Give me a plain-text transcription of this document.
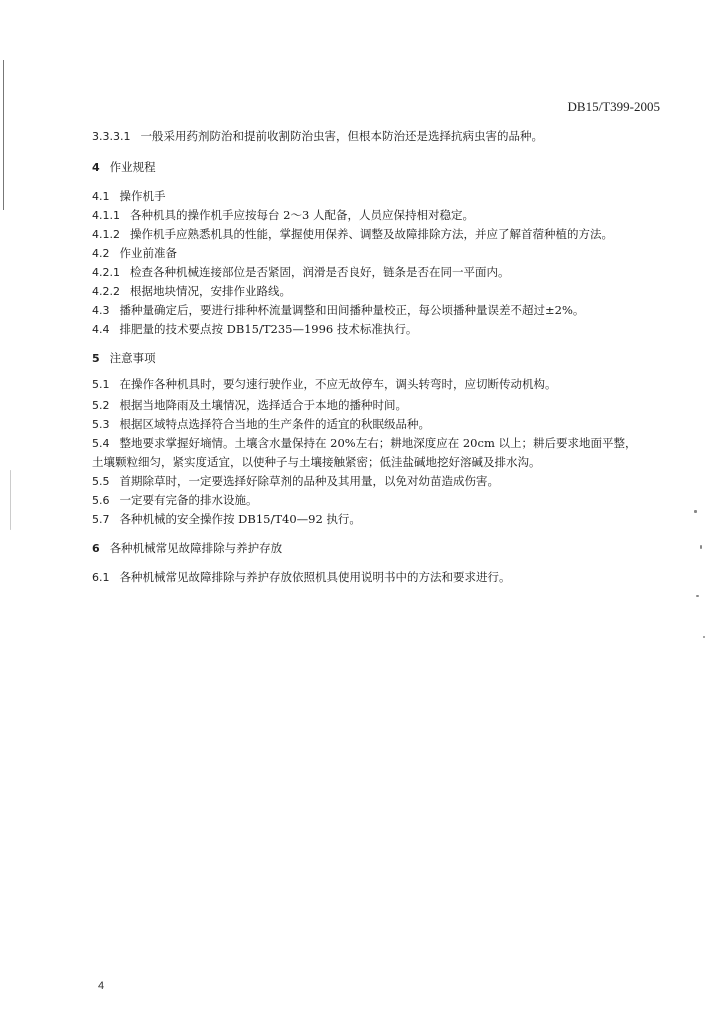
DB15/T399-2005
3.3.3.1 一般采用药剂防治和提前收割防治虫害，但根本防治还是选择抗病虫害的品种。
4 作业规程
4.1 操作机手
4.1.1 各种机具的操作机手应按每台 2～3 人配备，人员应保持相对稳定。
4.1.2 操作机手应熟悉机具的性能，掌握使用保养、调整及故障排除方法，并应了解首蓿种植的方法。
4.2 作业前准备
4.2.1 检查各种机械连接部位是否紧固，润滑是否良好，链条是否在同一平面内。
4.2.2 根据地块情况，安排作业路线。
4.3 播种量确定后，要进行排种杯流量调整和田间播种量校正，每公顷播种量误差不超过±2%。
4.4 排肥量的技术要点按 DB15/T235—1996 技术标准执行。
5 注意事项
5.1 在操作各种机具时，要匀速行驶作业，不应无故停车，调头转弯时，应切断传动机构。
5.2 根据当地降雨及土壤情况，选择适合于本地的播种时间。
5.3 根据区域特点选择符合当地的生产条件的适宜的秋眠级品种。
5.4 整地要求掌握好墒情。土壤含水量保持在 20%左右；耕地深度应在 20cm 以上；耕后要求地面平整，
土壤颗粒细匀，紧实度适宜，以使种子与土壤接触紧密；低洼盐碱地挖好溶碱及排水沟。
5.5 首期除草时，一定要选择好除草剂的品种及其用量，以免对幼苗造成伤害。
5.6 一定要有完备的排水设施。
5.7 各种机械的安全操作按 DB15/T40—92 执行。
6 各种机械常见故障排除与养护存放
6.1 各种机械常见故障排除与养护存放依照机具使用说明书中的方法和要求进行。
4
